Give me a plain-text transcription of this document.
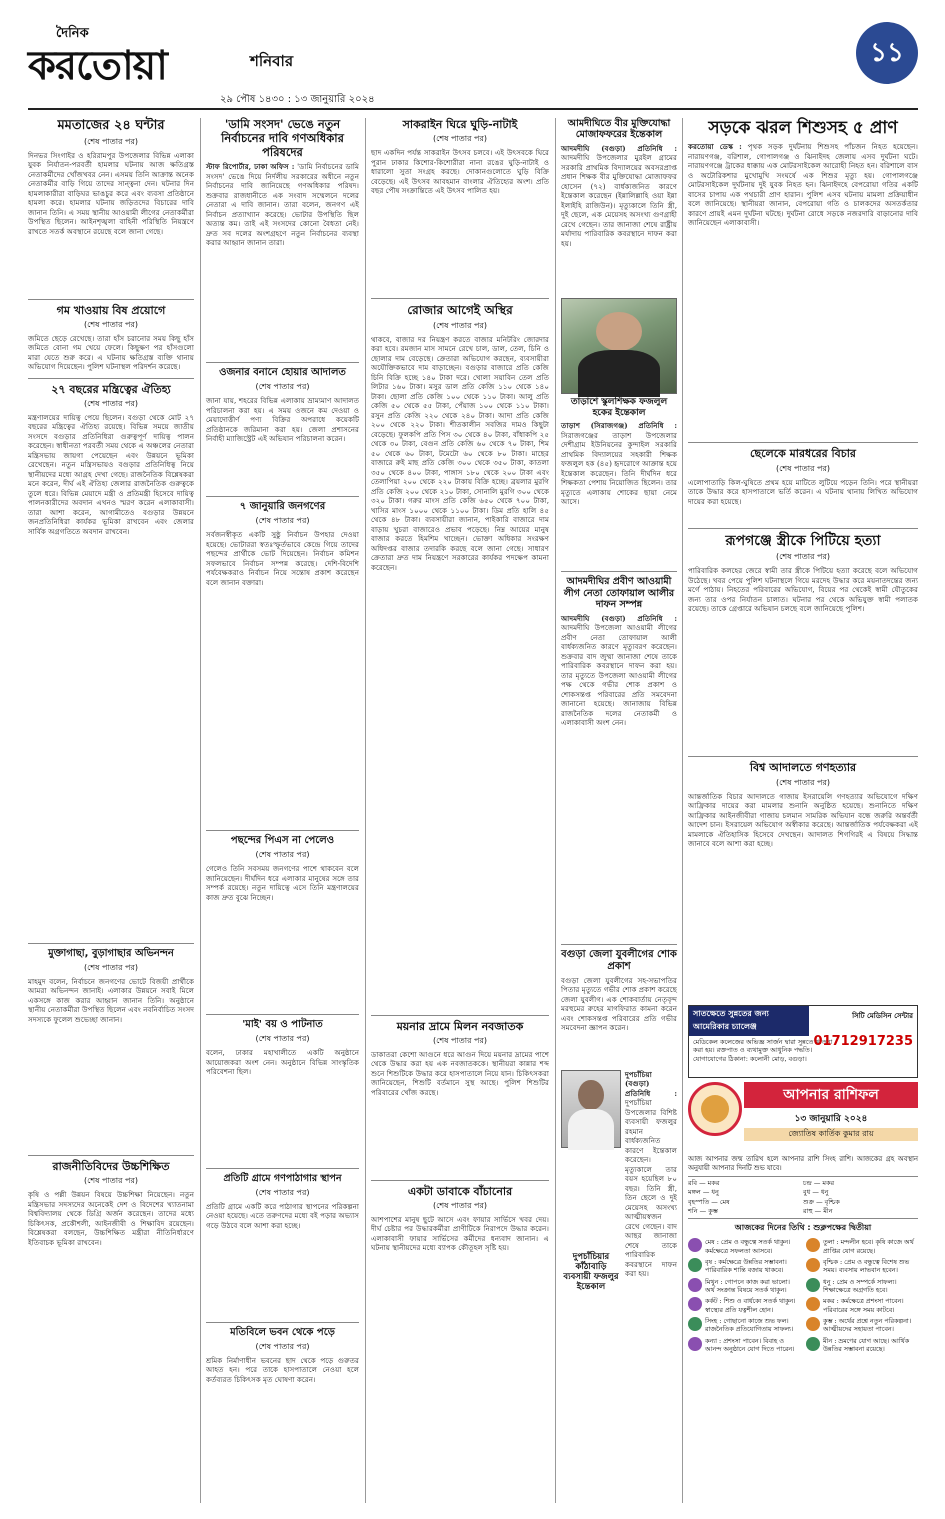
দৈনিক
করতোয়া	শনিবার
২৯ পৌষ ১৪৩০ : ১৩ জানুয়ারি ২০২৪
১১
মমতাজের ২৪ ঘন্টার
(শেষ পাতার পর)
দিনভর সিংগাইর ও হরিরামপুর উপজেলার বিভিন্ন এলাকা যুবক নির্যাতন-পরবর্তী হামলার ঘটনায় আজ ক্ষতিগ্রস্ত নেতাকর্মীদের খোঁজখবর নেন। এসময় তিনি আক্রান্ত অনেক নেতাকর্মীর বাড়ি গিয়ে তাদের সান্ত্বনা দেন। ঘটনার দিন হামলাকারীরা বাড়িঘর ভাঙচুর করে এবং ব্যবসা প্রতিষ্ঠানে হামলা করে। হামলার ঘটনায় জড়িতদের বিচারের দাবি জানান তিনি। এ সময় স্থানীয় আওয়ামী লীগের নেতাকর্মীরা উপস্থিত ছিলেন। আইনশৃঙ্খলা বাহিনী পরিস্থিতি নিয়ন্ত্রণে রাখতে সতর্ক অবস্থানে রয়েছে বলে জানা গেছে।
গম খাওয়ায় বিষ প্রয়োগে
(শেষ পাতার পর)
জমিতে ছেড়ে রেখেছে। তারা হাঁস চরানোর সময় কিছু হাঁস জমিতে বোনা গম খেয়ে ফেলে। কিছুক্ষণ পর হাঁসগুলো মারা যেতে শুরু করে। এ ঘটনায় ক্ষতিগ্রস্ত ব্যক্তি থানায় অভিযোগ দিয়েছেন। পুলিশ ঘটনাস্থল পরিদর্শন করেছে।
২৭ বছরের মন্ত্রিত্বের ঐতিহ্য
(শেষ পাতার পর)
মন্ত্রণালয়ের দায়িত্ব পেয়ে ছিলেন। বগুড়া থেকে মোট ২৭ বছরের মন্ত্রিত্বের ঐতিহ্য রয়েছে। বিভিন্ন সময়ে জাতীয় সংসদে বগুড়ার প্রতিনিধিরা গুরুত্বপূর্ণ দায়িত্ব পালন করেছেন। স্বাধীনতা পরবর্তী সময় থেকে এ অঞ্চলের নেতারা মন্ত্রিসভায় জায়গা পেয়েছেন এবং উন্নয়নে ভূমিকা রেখেছেন। নতুন মন্ত্রিসভায়ও বগুড়ার প্রতিনিধিত্ব নিয়ে স্থানীয়দের মধ্যে আগ্রহ দেখা গেছে। রাজনৈতিক বিশ্লেষকরা মনে করেন, দীর্ঘ এই ঐতিহ্য জেলার রাজনৈতিক গুরুত্বকে তুলে ধরে। বিভিন্ন মেয়াদে মন্ত্রী ও প্রতিমন্ত্রী হিসেবে দায়িত্ব পালনকারীদের অবদান এখনও স্মরণ করেন এলাকাবাসী। তারা আশা করেন, আগামীতেও বগুড়ার উন্নয়নে জনপ্রতিনিধিরা কার্যকর ভূমিকা রাখবেন এবং জেলার সার্বিক অগ্রগতিতে অবদান রাখবেন।
মুক্তাগাছা, বুড়াগাছার অভিনন্দন
(শেষ পাতার পর)
মাহমুদ বলেন, নির্বাচনে জনগণের ভোটে বিজয়ী প্রার্থীকে আমরা অভিনন্দন জানাই। এলাকার উন্নয়নে সবাই মিলে একসঙ্গে কাজ করার আহ্বান জানান তিনি। অনুষ্ঠানে স্থানীয় নেতাকর্মীরা উপস্থিত ছিলেন এবং নবনির্বাচিত সংসদ সদস্যকে ফুলেল শুভেচ্ছা জানান।
রাজনীতিবিদের উচ্চশিক্ষিত
(শেষ পাতার পর)
কৃষি ও পল্লী উন্নয়ন বিষয়ে উচ্চশিক্ষা নিয়েছেন। নতুন মন্ত্রিসভার সদস্যদের অনেকেই দেশ ও বিদেশের খ্যাতনামা বিশ্ববিদ্যালয় থেকে ডিগ্রি অর্জন করেছেন। তাদের মধ্যে চিকিৎসক, প্রকৌশলী, আইনজীবী ও শিক্ষাবিদ রয়েছেন। বিশ্লেষকরা বলছেন, উচ্চশিক্ষিত মন্ত্রীরা নীতিনির্ধারণে ইতিবাচক ভূমিকা রাখবেন।
'ডামি সংসদ' ভেঙে নতুন নির্বাচনের দাবি গণঅধিকার পরিষদের
স্টাফ রিপোর্টার, ঢাকা অফিস : 'ডামি নির্বাচনের ডামি সংসদ' ভেঙে দিয়ে নির্দলীয় সরকারের অধীনে নতুন নির্বাচনের দাবি জানিয়েছে গণঅধিকার পরিষদ। শুক্রবার রাজধানীতে এক সংবাদ সম্মেলনে দলের নেতারা এ দাবি জানান। তারা বলেন, জনগণ এই নির্বাচন প্রত্যাখ্যান করেছে। ভোটার উপস্থিতি ছিল অত্যন্ত কম। তাই এই সংসদের কোনো বৈধতা নেই। দ্রুত সব দলের অংশগ্রহণে নতুন নির্বাচনের ব্যবস্থা করার আহ্বান জানান তারা।
ওজনার বনানে হোয়ার আদালত
(শেষ পাতার পর)
জানা যায়, শহরের বিভিন্ন এলাকায় ভ্রাম্যমাণ আদালত পরিচালনা করা হয়। এ সময় ওজনে কম দেওয়া ও মেয়াদোত্তীর্ণ পণ্য বিক্রির অপরাধে কয়েকটি প্রতিষ্ঠানকে জরিমানা করা হয়। জেলা প্রশাসনের নির্বাহী ম্যাজিস্ট্রেট এই অভিযান পরিচালনা করেন।
৭ জানুয়ারি জনগণের
(শেষ পাতার পর)
সর্বজনস্বীকৃত একটি সুষ্ঠু নির্বাচন উপহার দেওয়া হয়েছে। ভোটাররা স্বতঃস্ফূর্তভাবে কেন্দ্রে গিয়ে তাদের পছন্দের প্রার্থীকে ভোট দিয়েছেন। নির্বাচন কমিশন সফলভাবে নির্বাচন সম্পন্ন করেছে। দেশি-বিদেশি পর্যবেক্ষকরাও নির্বাচন নিয়ে সন্তোষ প্রকাশ করেছেন বলে জানান বক্তারা।
পছন্দের পিএস না পেলেও
(শেষ পাতার পর)
গেলেও তিনি সবসময় জনগণের পাশে থাকবেন বলে জানিয়েছেন। দীর্ঘদিন ধরে এলাকার মানুষের সঙ্গে তার সম্পর্ক রয়েছে। নতুন দায়িত্বে এসে তিনি মন্ত্রণালয়ের কাজ দ্রুত বুঝে নিচ্ছেন।
'মাই' বয় ও পাটনাত
(শেষ পাতার পর)
বলেন, ঢাকার মহাখালীতে একটি অনুষ্ঠানে আয়োজকরা অংশ নেন। অনুষ্ঠানে বিভিন্ন সাংস্কৃতিক পরিবেশনা ছিল।
প্রতিটি গ্রামে গণপাঠাগার স্থাপন
(শেষ পাতার পর)
প্রতিটি গ্রামে একটি করে পাঠাগার স্থাপনের পরিকল্পনা নেওয়া হয়েছে। এতে তরুণদের মধ্যে বই পড়ার অভ্যাস গড়ে উঠবে বলে আশা করা হচ্ছে।
মতিবিলে ভবন থেকে পড়ে
(শেষ পাতার পর)
শ্রমিক নির্মাণাধীন ভবনের ছাদ থেকে পড়ে গুরুতর আহত হন। পরে তাকে হাসপাতালে নেওয়া হলে কর্তব্যরত চিকিৎসক মৃত ঘোষণা করেন।
সাকরাইন ঘিরে ঘুড়ি-নাটাই
(শেষ পাতার পর)
ছাদ একদিন পর্যন্ত সাকরাইন উৎসব চলবে। এই উৎসবকে ঘিরে পুরান ঢাকার কিশোর-কিশোরীরা নানা রঙের ঘুড়ি-নাটাই ও ধারালো সুতা সংগ্রহ করছে। দোকানগুলোতে ঘুড়ি বিক্রি বেড়েছে। এই উৎসব আবহমান বাংলার ঐতিহ্যের অংশ। প্রতি বছর পৌষ সংক্রান্তিতে এই উৎসব পালিত হয়।
রোজার আগেই অস্থির
(শেষ পাতার পর)
থাকবে, বাজার দর নিয়ন্ত্রণ করতে বাজার মনিটরিং জোরদার করা হবে। রমজান মাস সামনে রেখে চাল, ডাল, তেল, চিনি ও ছোলার দাম বেড়েছে। ক্রেতারা অভিযোগ করছেন, ব্যবসায়ীরা অযৌক্তিকভাবে দাম বাড়াচ্ছেন। বগুড়ার বাজারে প্রতি কেজি চিনি বিক্রি হচ্ছে ১৪০ টাকা দরে। খোলা সয়াবিন তেল প্রতি লিটার ১৬০ টাকা। মসুর ডাল প্রতি কেজি ১১০ থেকে ১৪০ টাকা। ছোলা প্রতি কেজি ১০০ থেকে ১১০ টাকা। আলু প্রতি কেজি ৫০ থেকে ৫৫ টাকা, পেঁয়াজ ১০০ থেকে ১১০ টাকা। রসুন প্রতি কেজি ২২০ থেকে ২৪০ টাকা। আদা প্রতি কেজি ২০০ থেকে ২২০ টাকা। শীতকালীন সবজির দামও কিছুটা বেড়েছে। ফুলকপি প্রতি পিস ৩০ থেকে ৪০ টাকা, বাঁধাকপি ২৫ থেকে ৩০ টাকা, বেগুন প্রতি কেজি ৬০ থেকে ৭০ টাকা, শিম ৫০ থেকে ৬০ টাকা, টমেটো ৬০ থেকে ৮০ টাকা। মাছের বাজারে রুই মাছ প্রতি কেজি ৩০০ থেকে ৩৫০ টাকা, কাতলা ৩৫০ থেকে ৪০০ টাকা, পাঙ্গাস ১৮০ থেকে ২০০ টাকা এবং তেলাপিয়া ২০০ থেকে ২২০ টাকায় বিক্রি হচ্ছে। ব্রয়লার মুরগি প্রতি কেজি ২০০ থেকে ২১০ টাকা, সোনালি মুরগি ৩০০ থেকে ৩২০ টাকা। গরুর মাংস প্রতি কেজি ৬৫০ থেকে ৭০০ টাকা, খাসির মাংস ১০০০ থেকে ১১০০ টাকা। ডিম প্রতি হালি ৪৫ থেকে ৪৮ টাকা। ব্যবসায়ীরা জানান, পাইকারি বাজারে দাম বাড়ায় খুচরা বাজারেও প্রভাব পড়েছে। নিম্ন আয়ের মানুষ বাজার করতে হিমশিম খাচ্ছেন। ভোক্তা অধিকার সংরক্ষণ অধিদপ্তর বাজার তদারকি করছে বলে জানা গেছে। সাধারণ ক্রেতারা দ্রুত দাম নিয়ন্ত্রণে সরকারের কার্যকর পদক্ষেপ কামনা করেছেন।
ময়নার দ্রামে মিলন নবজাতক
(শেষ পাতার পর)
ডাকাতরা কেশো আগুনে ধরে আগুন দিয়ে ময়নার দ্রামের পাশে থেকে উদ্ধার করা হয় এক নবজাতককে। স্থানীয়রা কান্নার শব্দ শুনে শিশুটিকে উদ্ধার করে হাসপাতালে নিয়ে যান। চিকিৎসকরা জানিয়েছেন, শিশুটি বর্তমানে সুস্থ আছে। পুলিশ শিশুটির পরিবারের খোঁজ করছে।
একটা ডাবাকে বাঁচানোর
(শেষ পাতার পর)
আশপাশের মানুষ ছুটে আসে এবং ফায়ার সার্ভিসে খবর দেয়। দীর্ঘ চেষ্টার পর উদ্ধারকর্মীরা প্রাণীটিকে নিরাপদে উদ্ধার করেন। এলাকাবাসী ফায়ার সার্ভিসের কর্মীদের ধন্যবাদ জানান। এ ঘটনায় স্থানীয়দের মধ্যে ব্যাপক কৌতূহল সৃষ্টি হয়।
আমদীঘিতে বীর মুক্তিযোদ্ধা মোজাফফরের ইন্তেকাল
আদমদীঘি (বগুড়া) প্রতিনিধি : আদমদীঘি উপজেলার মুরইল গ্রামের সরকারি প্রাথমিক বিদ্যালয়ের অবসরপ্রাপ্ত প্রধান শিক্ষক বীর মুক্তিযোদ্ধা মোজাফফর হোসেন (৭২) বার্ধক্যজনিত কারণে ইন্তেকাল করেছেন (ইন্নালিল্লাহি ওয়া ইন্না ইলাইহি রাজিউন)। মৃত্যুকালে তিনি স্ত্রী, দুই ছেলে, এক মেয়েসহ অসংখ্য গুণগ্রাহী রেখে গেছেন। তার জানাজা শেষে রাষ্ট্রীয় মর্যাদায় পারিবারিক কবরস্থানে দাফন করা হয়।
তাড়াশে স্কুলশিক্ষক ফজলুল হকের ইন্তেকাল
তাড়াশ (সিরাজগঞ্জ) প্রতিনিধি : সিরাজগঞ্জের তাড়াশ উপজেলার দেশীগ্রাম ইউনিয়নের কুন্দাইল সরকারি প্রাথমিক বিদ্যালয়ের সহকারী শিক্ষক ফজলুল হক (৪৫) হৃদরোগে আক্রান্ত হয়ে ইন্তেকাল করেছেন। তিনি দীর্ঘদিন ধরে শিক্ষকতা পেশায় নিয়োজিত ছিলেন। তার মৃত্যুতে এলাকায় শোকের ছায়া নেমে আসে।
আদমদীঘির প্রবীণ আওয়ামী লীগ নেতা তোফায়াল আলীর দাফন সম্পন্ন
আদমদীঘি (বগুড়া) প্রতিনিধি : আদমদীঘি উপজেলা আওয়ামী লীগের প্রবীণ নেতা তোফায়াল আলী বার্ধক্যজনিত কারণে মৃত্যুবরণ করেছেন। শুক্রবার বাদ জুম্মা জানাজা শেষে তাকে পারিবারিক কবরস্থানে দাফন করা হয়। তার মৃত্যুতে উপজেলা আওয়ামী লীগের পক্ষ থেকে গভীর শোক প্রকাশ ও শোকসন্তপ্ত পরিবারের প্রতি সমবেদনা জানানো হয়েছে। জানাজায় বিভিন্ন রাজনৈতিক দলের নেতাকর্মী ও এলাকাবাসী অংশ নেন।
বগুড়া জেলা যুবলীগের শোক প্রকাশ
বগুড়া জেলা যুবলীগের সহ-সভাপতির পিতার মৃত্যুতে গভীর শোক প্রকাশ করেছে জেলা যুবলীগ। এক শোকবার্তায় নেতৃবৃন্দ মরহুমের রুহের মাগফিরাত কামনা করেন এবং শোকসন্তপ্ত পরিবারের প্রতি গভীর সমবেদনা জ্ঞাপন করেন।
দুপচাঁচিয়া (বগুড়া) প্রতিনিধি : দুপচাঁচিয়া উপজেলার বিশিষ্ট ব্যবসায়ী ফজলুর রহমান বার্ধক্যজনিত কারণে ইন্তেকাল করেছেন। মৃত্যুকালে তার বয়স হয়েছিল ৮০ বছর। তিনি স্ত্রী, তিন ছেলে ও দুই মেয়েসহ অসংখ্য আত্মীয়স্বজন রেখে গেছেন। বাদ আছর জানাজা শেষে তাকে পারিবারিক কবরস্থানে দাফন করা হয়।
দুপচাঁচিয়ার কাঁঠাবাড়ি ব্যবসায়ী ফজলুর ইন্তেকাল
সড়কে ঝরল শিশুসহ ৫ প্রাণ
করতোয়া ডেস্ক : পৃথক সড়ক দুর্ঘটনায় শিশুসহ পাঁচজন নিহত হয়েছেন। নারায়ণগঞ্জ, বরিশাল, গোপালগঞ্জ ও ঝিনাইদহ জেলায় এসব দুর্ঘটনা ঘটে। নারায়ণগঞ্জে ট্রাকের ধাক্কায় এক মোটরসাইকেল আরোহী নিহত হন। বরিশালে বাস ও অটোরিকশার মুখোমুখি সংঘর্ষে এক শিশুর মৃত্যু হয়। গোপালগঞ্জে মোটরসাইকেল দুর্ঘটনায় দুই যুবক নিহত হন। ঝিনাইদহে বেপরোয়া গতির একটি বাসের চাপায় এক পথচারী প্রাণ হারান। পুলিশ এসব ঘটনায় মামলা প্রক্রিয়াধীন বলে জানিয়েছে। স্থানীয়রা জানান, বেপরোয়া গতি ও চালকদের অসতর্কতার কারণে প্রায়ই এমন দুর্ঘটনা ঘটছে। দুর্ঘটনা রোধে সড়কে নজরদারি বাড়ানোর দাবি জানিয়েছেন এলাকাবাসী।
ছেলেকে মারধরের বিচার
(শেষ পাতার পর)
এলোপাতাড়ি কিল-ঘুষিতে প্রথম হয়ে মাটিতে লুটিয়ে পড়েন তিনি। পরে স্থানীয়রা তাকে উদ্ধার করে হাসপাতালে ভর্তি করেন। এ ঘটনায় থানায় লিখিত অভিযোগ দায়ের করা হয়েছে।
রূপগঞ্জে স্ত্রীকে পিটিয়ে হত্যা
(শেষ পাতার পর)
পারিবারিক কলহের জেরে স্বামী তার স্ত্রীকে পিটিয়ে হত্যা করেছে বলে অভিযোগ উঠেছে। খবর পেয়ে পুলিশ ঘটনাস্থলে গিয়ে মরদেহ উদ্ধার করে ময়নাতদন্তের জন্য মর্গে পাঠায়। নিহতের পরিবারের অভিযোগ, বিয়ের পর থেকেই স্বামী যৌতুকের জন্য তার ওপর নির্যাতন চালাত। ঘটনার পর থেকে অভিযুক্ত স্বামী পলাতক রয়েছে। তাকে গ্রেপ্তারে অভিযান চলছে বলে জানিয়েছে পুলিশ।
বিশ্ব আদালতে গণহত্যার
(শেষ পাতার পর)
আন্তর্জাতিক বিচার আদালতে গাজায় ইসরায়েলি গণহত্যার অভিযোগে দক্ষিণ আফ্রিকার দায়ের করা মামলার শুনানি অনুষ্ঠিত হয়েছে। শুনানিতে দক্ষিণ আফ্রিকার আইনজীবীরা গাজায় চলমান সামরিক অভিযান বন্ধে জরুরি অন্তর্বর্তী আদেশ চান। ইসরায়েল অভিযোগ অস্বীকার করেছে। আন্তর্জাতিক পর্যবেক্ষকরা এই মামলাকে ঐতিহাসিক হিসেবে দেখছেন। আদালত শিগগিরই এ বিষয়ে সিদ্ধান্ত জানাবে বলে আশা করা হচ্ছে।
সাতক্ষেতে সুন্নতের জন্য আমেরিকার চ্যালেঞ্জ
মেডিকেল কলেজের অভিজ্ঞ সার্জন দ্বারা সুন্নতে খাতনা করা হয়। রক্তপাত ও ব্যথামুক্ত আধুনিক পদ্ধতি। যোগাযোগের ঠিকানা: কলোনী মোড়, বগুড়া।
সিটি মেডিসিন সেন্টার
01712917235
আপনার রাশিফল
১৩ জানুয়ারি ২০২৪
জ্যোতিষ কার্তিক কুমার রায়
আজ আপনার জন্ম তারিখ হলে আপনার রাশি সিংহ রাশি। আজকের গ্রহ অবস্থান অনুযায়ী আপনার দিনটি শুভ যাবে।
রবি — মকর	চন্দ্র — মকর
মঙ্গল — ধনু	বুধ — ধনু
বৃহস্পতি — মেষ	শুক্র — বৃশ্চিক
শনি — কুম্ভ	রাহু — মীন
আজকের দিনের তিথি : শুক্লপক্ষের দ্বিতীয়া
মেষ : প্রেম ও বন্ধুত্বে সতর্ক থাকুন। কর্মক্ষেত্রে সফলতা আসবে।
তুলা : মন্দলীন হবে। কৃষি কাজে অর্থ প্রাপ্তির যোগ রয়েছে।
বৃষ : কর্মক্ষেত্রে উন্নতির সম্ভাবনা। পারিবারিক শান্তি বজায় থাকবে।
বৃশ্চিক : প্রেম ও বন্ধুত্বে বিশেষ শুভ সময়। ব্যবসায় লাভবান হবেন।
মিথুন : গোপনে কাজ করা ভালো। অর্থ সংক্রান্ত বিষয়ে সতর্ক থাকুন।
ধনু : প্রেম ও সম্পর্কে সাফল্য। শিক্ষাক্ষেত্রে অগ্রগতি হবে।
কর্কট : শিশু ও বার্ধক্যে সতর্ক থাকুন। স্বাস্থ্যের প্রতি যত্নশীল হোন।
মকর : কর্মক্ষেত্রে প্রশংসা পাবেন। পরিবারের সঙ্গে সময় কাটবে।
সিংহ : গোছানো কাজে শুভ ফল। রাজনৈতিক প্রতিযোগিতায় সাফল্য।
কুম্ভ : অর্থের প্রশ্নে নতুন পরিকল্পনা। আত্মীয়দের সহায়তা পাবেন।
কন্যা : প্রশংসা পাবেন। বিবাহ ও আনন্দ অনুষ্ঠানে যোগ দিতে পারেন।
মীন : ভ্রমণের যোগ আছে। আর্থিক উন্নতির সম্ভাবনা রয়েছে।
